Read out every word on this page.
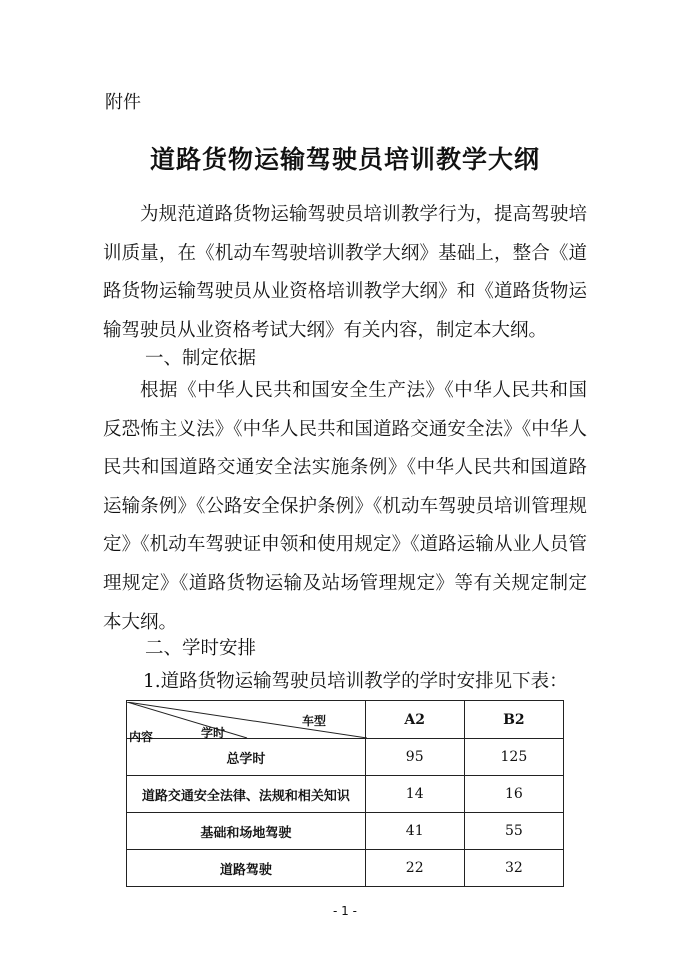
附件
道路货物运输驾驶员培训教学大纲

为规范道路货物运输驾驶员培训教学行为，提高驾驶培训质量，在《机动车驾驶培训教学大纲》基础上，整合《道路货物运输驾驶员从业资格培训教学大纲》和《道路货物运输驾驶员从业资格考试大纲》有关内容，制定本大纲。

一、制定依据

根据《中华人民共和国安全生产法》《中华人民共和国反恐怖主义法》《中华人民共和国道路交通安全法》《中华人民共和国道路交通安全法实施条例》《中华人民共和国道路运输条例》《公路安全保护条例》《机动车驾驶员培训管理规定》《机动车驾驶证申领和使用规定》《道路运输从业人员管理规定》《道路货物运输及站场管理规定》等有关规定制定本大纲。

二、学时安排

1.道路货物运输驾驶员培训教学的学时安排见下表：

车型
学时
内容	A2	B2
总学时	95	125
道路交通安全法律、法规和相关知识	14	16
基础和场地驾驶	41	55
道路驾驶	22	32
- 1 -
